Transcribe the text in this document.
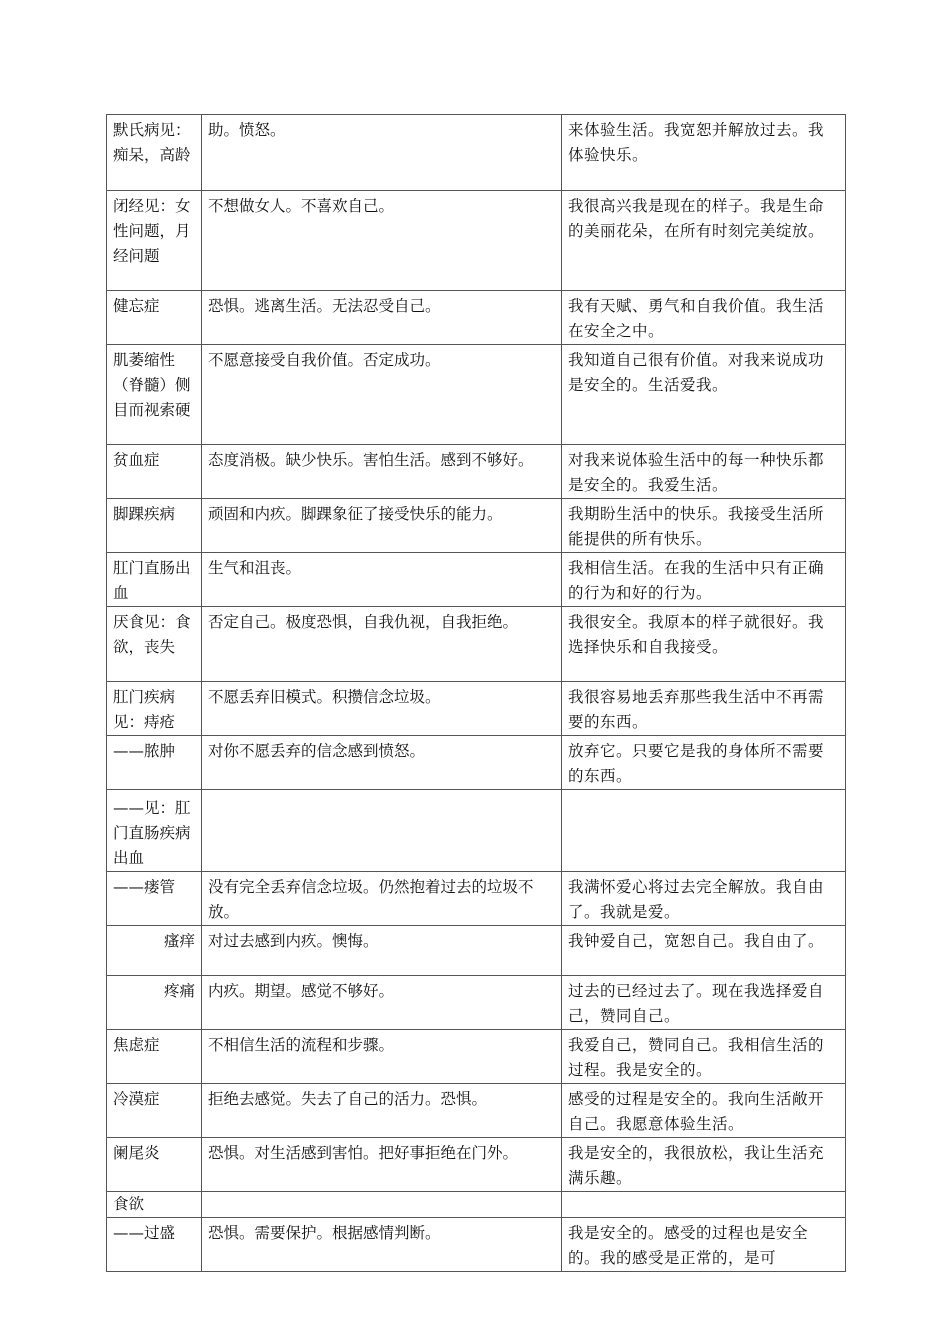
默氏病见：痴呆，高龄	助。愤怒。	来体验生活。我宽恕并解放过去。我体验快乐。
闭经见：女性问题，月经问题	不想做女人。不喜欢自己。	我很高兴我是现在的样子。我是生命的美丽花朵，在所有时刻完美绽放。
健忘症	恐惧。逃离生活。无法忍受自己。	我有天赋、勇气和自我价值。我生活在安全之中。
肌萎缩性（脊髓）侧目而视索硬	不愿意接受自我价值。否定成功。	我知道自己很有价值。对我来说成功是安全的。生活爱我。
贫血症	态度消极。缺少快乐。害怕生活。感到不够好。	对我来说体验生活中的每一种快乐都是安全的。我爱生活。
脚踝疾病	顽固和内疚。脚踝象征了接受快乐的能力。	我期盼生活中的快乐。我接受生活所能提供的所有快乐。
肛门直肠出血	生气和沮丧。	我相信生活。在我的生活中只有正确的行为和好的行为。
厌食见：食欲，丧失	否定自己。极度恐惧，自我仇视，自我拒绝。	我很安全。我原本的样子就很好。我选择快乐和自我接受。
肛门疾病见：痔疮	不愿丢弃旧模式。积攒信念垃圾。	我很容易地丢弃那些我生活中不再需要的东西。
——脓肿	对你不愿丢弃的信念感到愤怒。	放弃它。只要它是我的身体所不需要的东西。
——见：肛门直肠疾病出血		
——瘘管	没有完全丢弃信念垃圾。仍然抱着过去的垃圾不放。	我满怀爱心将过去完全解放。我自由了。我就是爱。
瘙痒	对过去感到内疚。懊悔。	我钟爱自己，宽恕自己。我自由了。
疼痛	内疚。期望。感觉不够好。	过去的已经过去了。现在我选择爱自己，赞同自己。
焦虑症	不相信生活的流程和步骤。	我爱自己，赞同自己。我相信生活的过程。我是安全的。
冷漠症	拒绝去感觉。失去了自己的活力。恐惧。	感受的过程是安全的。我向生活敞开自己。我愿意体验生活。
阑尾炎	恐惧。对生活感到害怕。把好事拒绝在门外。	我是安全的，我很放松，我让生活充满乐趣。
食欲		
——过盛	恐惧。需要保护。根据感情判断。	我是安全的。感受的过程也是安全的。我的感受是正常的，是可
